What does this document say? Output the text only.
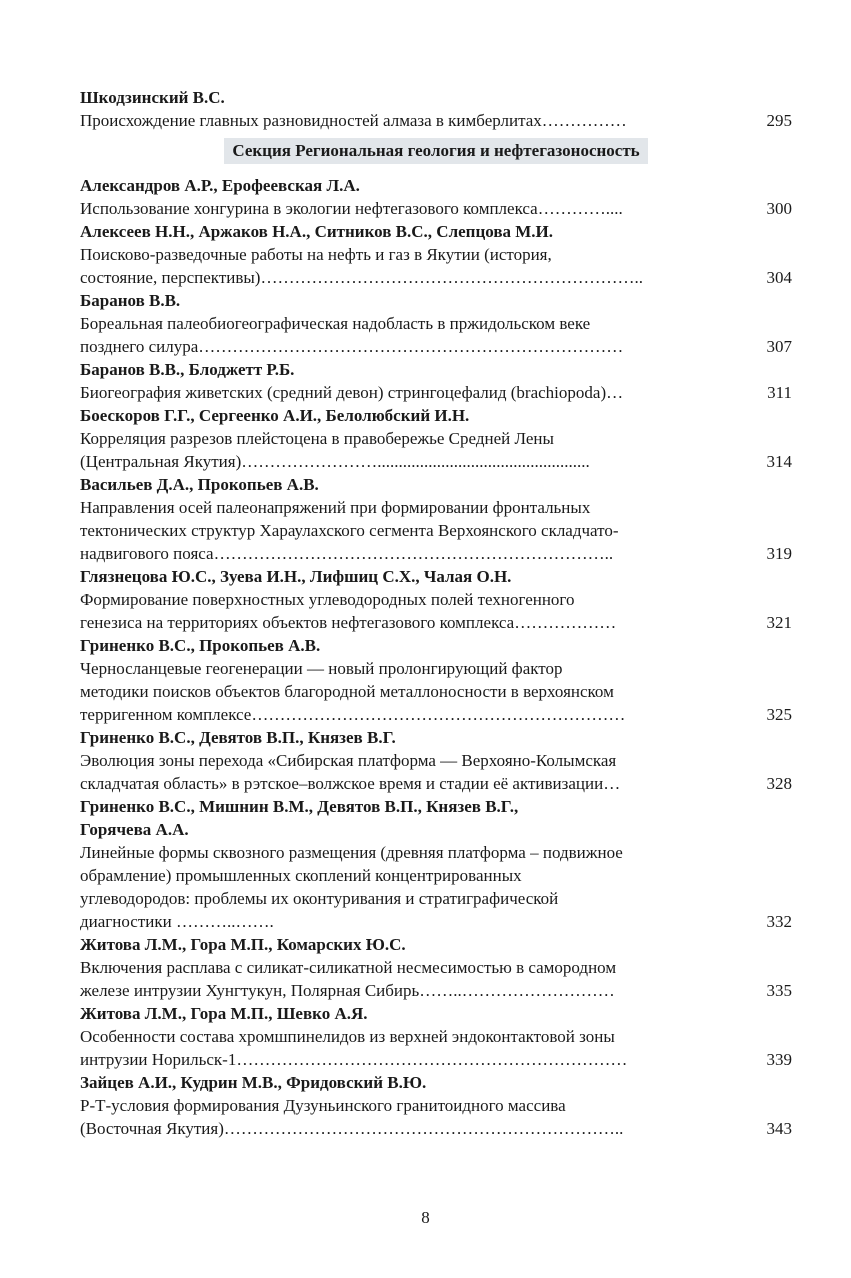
Шкодзинский В.С.
Происхождение главных разновидностей алмаза в кимберлитах……………	295
Секция Региональная геология и нефтегазоносность
Александров А.Р., Ерофеевская Л.А.
Использование хонгурина в экологии нефтегазового комплекса…………....	300
Алексеев Н.Н., Аржаков Н.А., Ситников В.С., Слепцова М.И.
Поисково-разведочные работы на нефть и газ в Якутии (история,
состояние, перспективы)…………………………………………………………..	304
Баранов В.В.
Бореальная палеобиогеографическая надобласть в пржидольском веке
позднего силура…………………………………………………………………	307
Баранов В.В., Блоджетт Р.Б.
Биогеография живетских (средний девон) стрингоцефалид (brachiopoda)…	311
Боескоров Г.Г., Сергеенко А.И., Белолюбский И.Н.
Корреляция разрезов плейстоцена в правобережье Средней Лены
(Центральная Якутия)……………………..................................................	314
Васильев Д.А., Прокопьев А.В.
Направления осей палеонапряжений при формировании фронтальных
тектонических структур Хараулахского сегмента Верхоянского складчато-
надвигового пояса……………………………………………………………..	319
Глязнецова Ю.С., Зуева И.Н., Лифшиц С.Х., Чалая О.Н.
Формирование поверхностных углеводородных полей техногенного
генезиса на территориях объектов нефтегазового комплекса………………	321
Гриненко В.С., Прокопьев А.В.
Черносланцевые геогенерации — новый пролонгирующий фактор
методики поисков объектов благородной металлоносности в верхоянском
терригенном комплексе…………………………………………………………	325
Гриненко В.С., Девятов В.П., Князев В.Г.
Эволюция зоны перехода «Сибирская платформа — Верхояно-Колымская
складчатая область» в рэтское–волжское время и стадии её активизации…	328
Гриненко В.С., Мишнин В.М., Девятов В.П., Князев В.Г.,
Горячева А.А.
Линейные формы сквозного размещения (древняя платформа – подвижное
обрамление) промышленных скоплений концентрированных
углеводородов: проблемы их оконтуривания и стратиграфической
диагностики ………..…….	332
Житова Л.М., Гора М.П., Комарских Ю.С.
Включения расплава с силикат-силикатной несмесимостью в самородном
железе интрузии Хунгтукун, Полярная Сибирь……..………………………	335
Житова Л.М., Гора М.П., Шевко А.Я.
Особенности состава хромшпинелидов из верхней эндоконтактовой зоны
интрузии Норильск-1……………………………………………………………	339
Зайцев А.И., Кудрин М.В., Фридовский В.Ю.
Р-Т-условия формирования Дузуньинского гранитоидного массива
(Восточная Якутия)……………………………………………………………..	343
8
